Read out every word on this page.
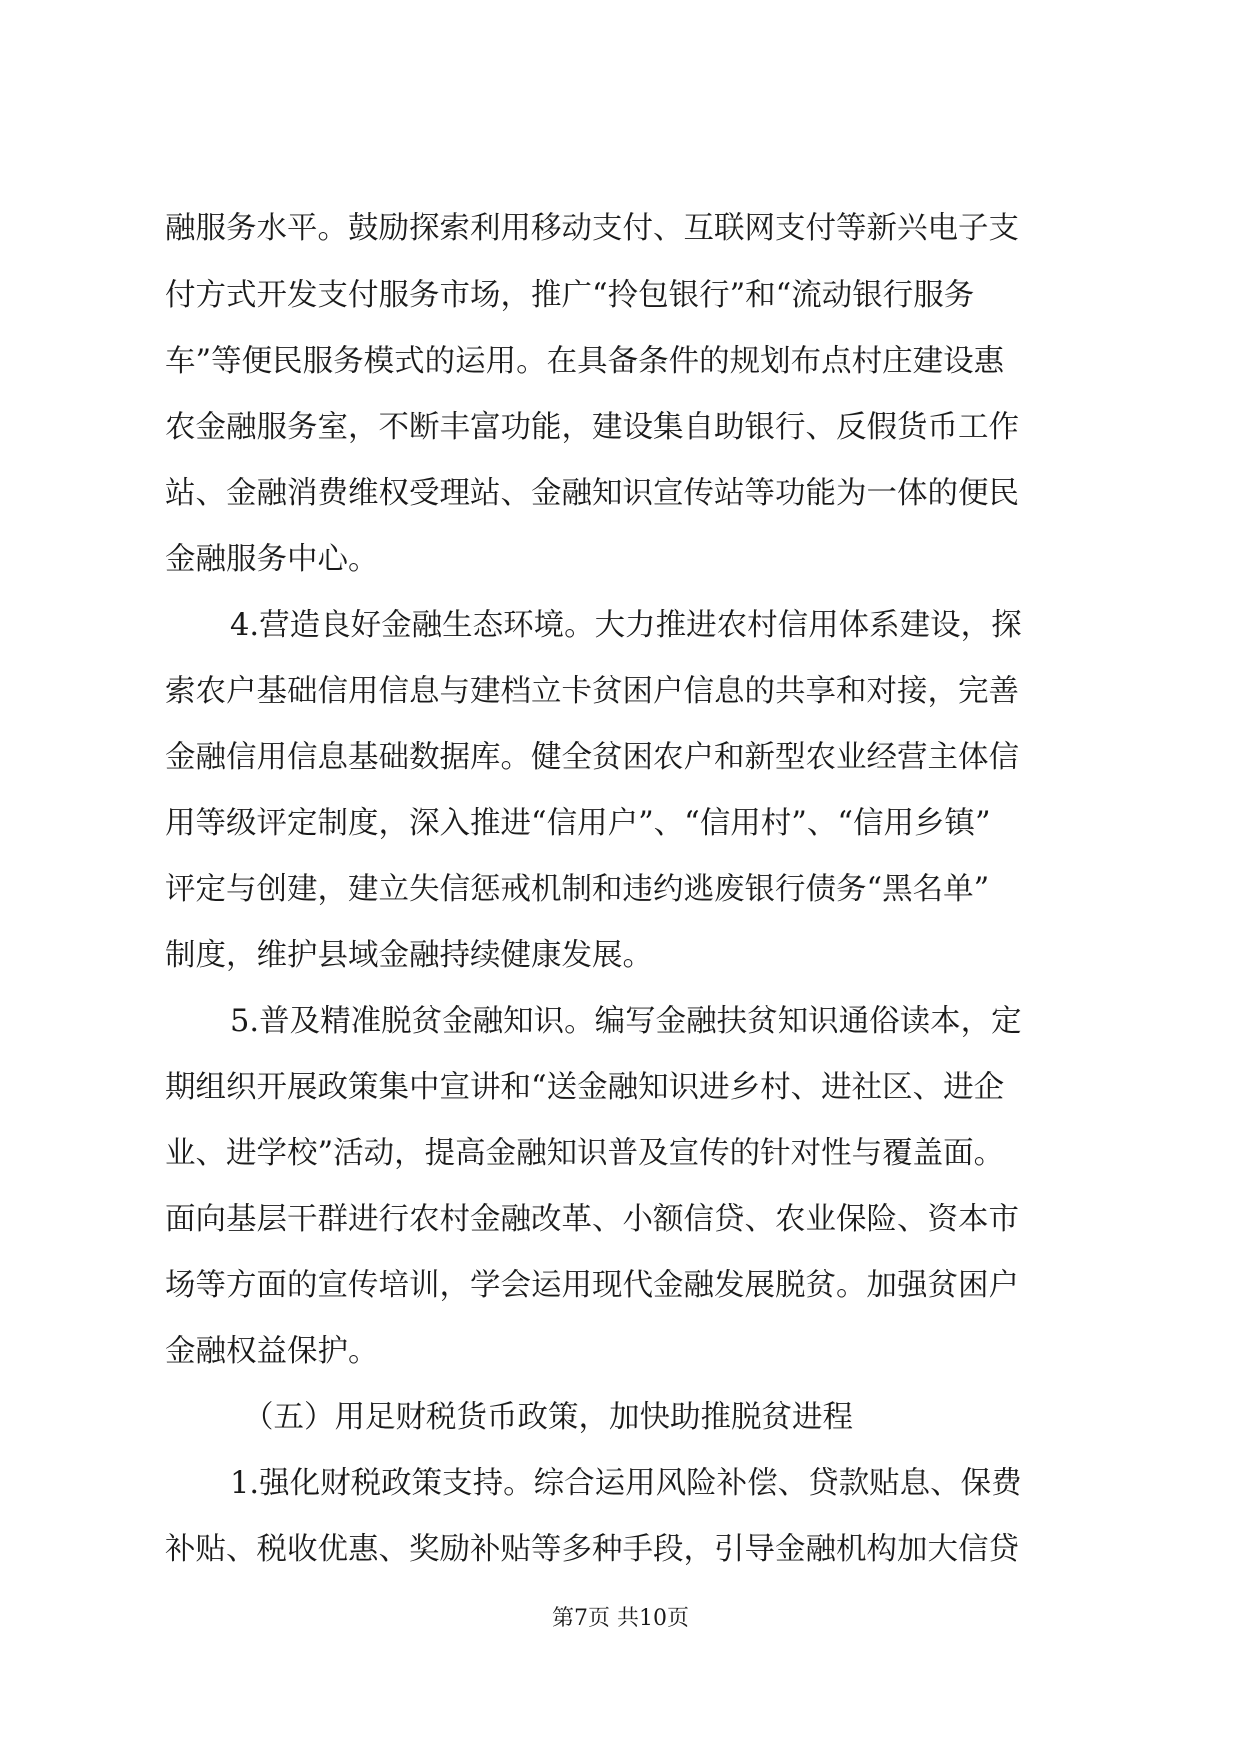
融服务水平。鼓励探索利用移动支付、互联网支付等新兴电子支
付方式开发支付服务市场，推广“拎包银行”和“流动银行服务
车”等便民服务模式的运用。在具备条件的规划布点村庄建设惠
农金融服务室，不断丰富功能，建设集自助银行、反假货币工作
站、金融消费维权受理站、金融知识宣传站等功能为一体的便民
金融服务中心。
4.营造良好金融生态环境。大力推进农村信用体系建设，探
索农户基础信用信息与建档立卡贫困户信息的共享和对接，完善
金融信用信息基础数据库。健全贫困农户和新型农业经营主体信
用等级评定制度，深入推进“信用户”、“信用村”、“信用乡镇”
评定与创建，建立失信惩戒机制和违约逃废银行债务“黑名单”
制度，维护县域金融持续健康发展。
5.普及精准脱贫金融知识。编写金融扶贫知识通俗读本，定
期组织开展政策集中宣讲和“送金融知识进乡村、进社区、进企
业、进学校”活动，提高金融知识普及宣传的针对性与覆盖面。
面向基层干群进行农村金融改革、小额信贷、农业保险、资本市
场等方面的宣传培训，学会运用现代金融发展脱贫。加强贫困户
金融权益保护。
（五）用足财税货币政策，加快助推脱贫进程
1.强化财税政策支持。综合运用风险补偿、贷款贴息、保费
补贴、税收优惠、奖励补贴等多种手段，引导金融机构加大信贷
第7页 共10页
